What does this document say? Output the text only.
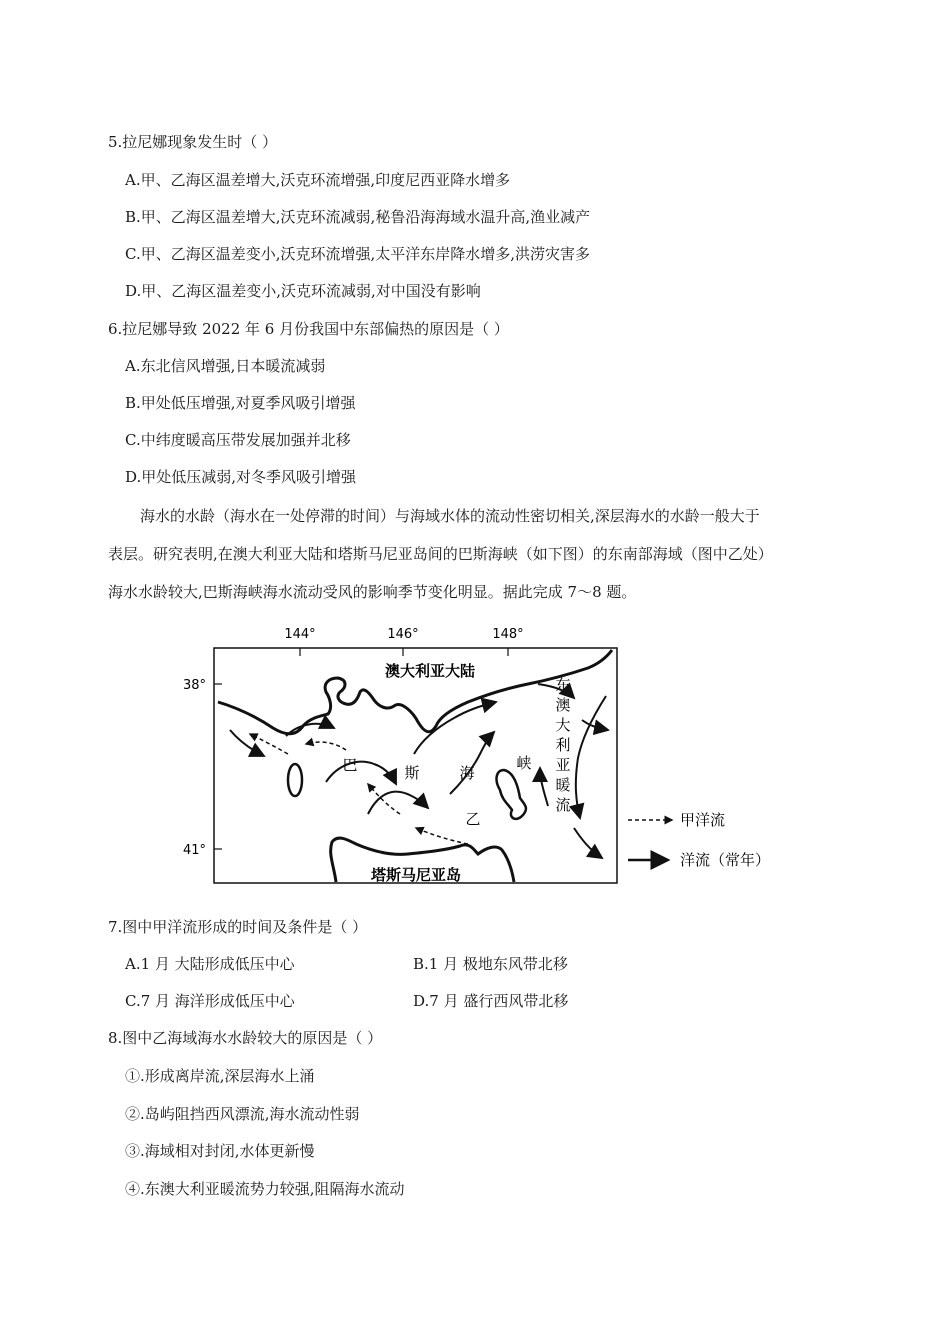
5.拉尼娜现象发生时（ ）
A.甲、乙海区温差增大,沃克环流增强,印度尼西亚降水增多
B.甲、乙海区温差增大,沃克环流减弱,秘鲁沿海海域水温升高,渔业减产
C.甲、乙海区温差变小,沃克环流增强,太平洋东岸降水增多,洪涝灾害多
D.甲、乙海区温差变小,沃克环流减弱,对中国没有影响
6.拉尼娜导致 2022 年 6 月份我国中东部偏热的原因是（ ）
A.东北信风增强,日本暖流减弱
B.甲处低压增强,对夏季风吸引增强
C.中纬度暖高压带发展加强并北移
D.甲处低压减弱,对冬季风吸引增强
海水的水龄（海水在一处停滞的时间）与海域水体的流动性密切相关,深层海水的水龄一般大于
表层。研究表明,在澳大利亚大陆和塔斯马尼亚岛间的巴斯海峡（如下图）的东南部海域（图中乙处）
海水水龄较大,巴斯海峡海水流动受风的影响季节变化明显。据此完成 7～8 题。
144°	146°	148°
38°
41°
澳大利亚大陆
塔斯马尼亚岛
巴	斯	海
峡
乙
东
澳
大
利
亚
暖
流
甲洋流
洋流（常年）
7.图中甲洋流形成的时间及条件是（ ）
A.1 月 大陆形成低压中心	B.1 月 极地东风带北移
C.7 月 海洋形成低压中心	D.7 月 盛行西风带北移
8.图中乙海域海水水龄较大的原因是（ ）
①.形成离岸流,深层海水上涌
②.岛屿阻挡西风漂流,海水流动性弱
③.海域相对封闭,水体更新慢
④.东澳大利亚暖流势力较强,阻隔海水流动
